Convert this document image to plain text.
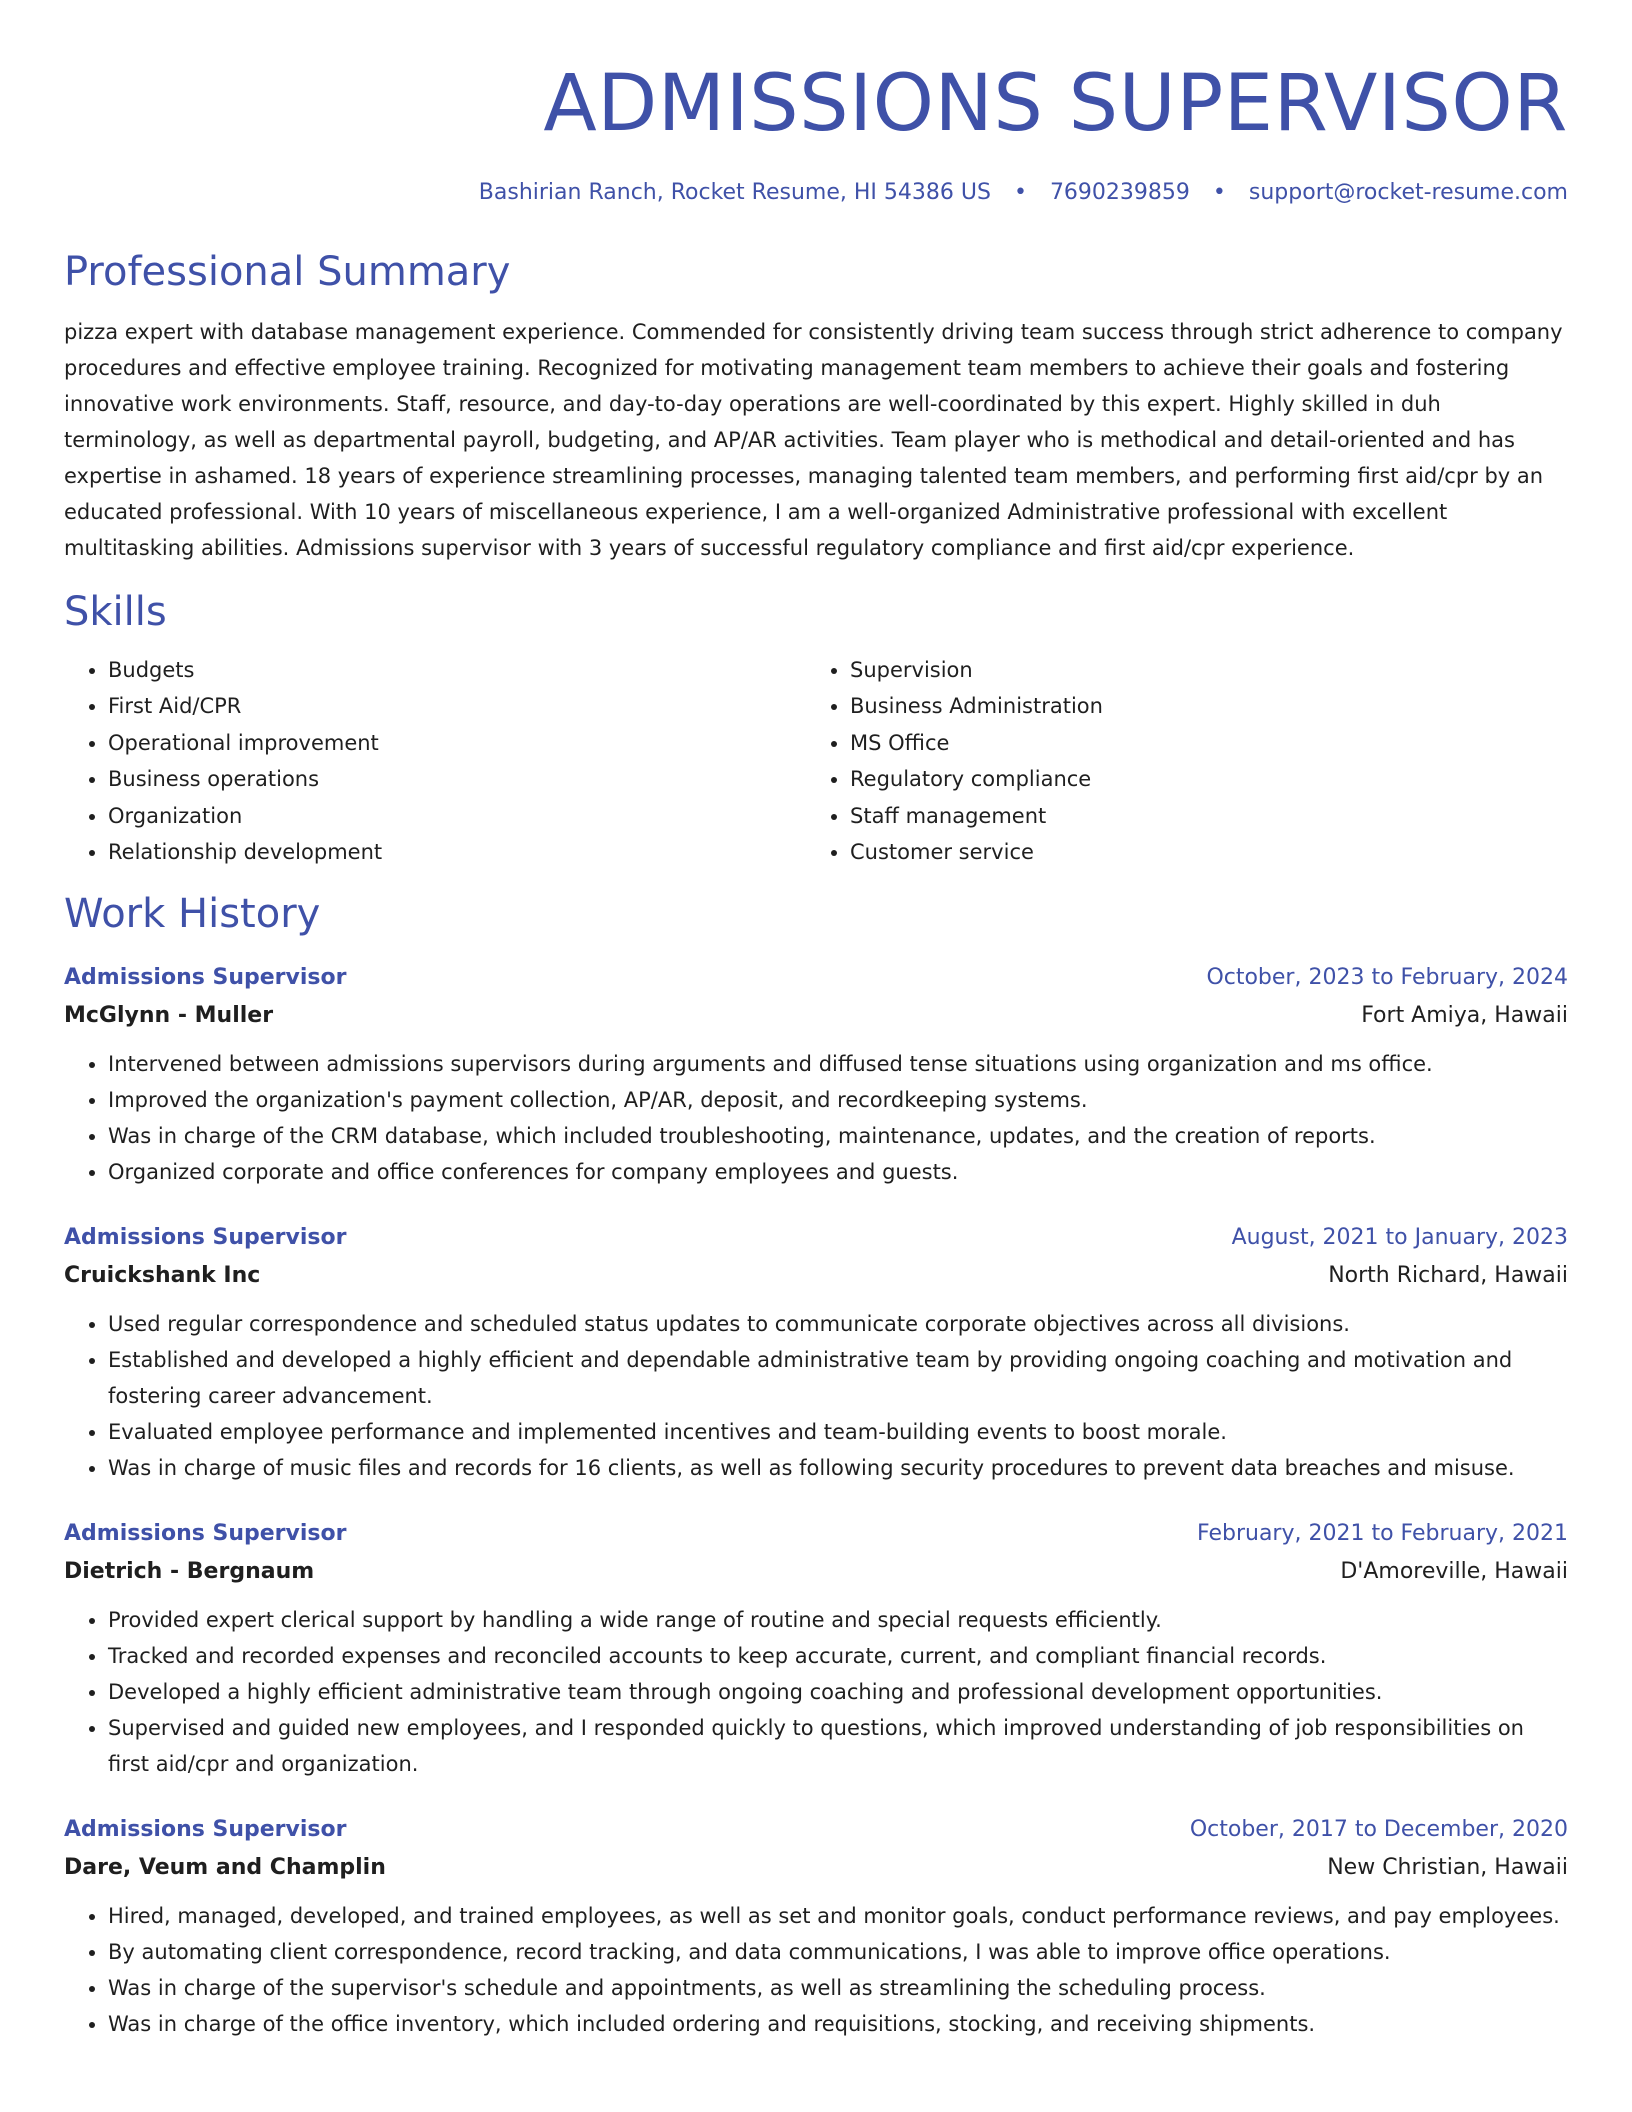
ADMISSIONS SUPERVISOR
Bashirian Ranch, Rocket Resume, HI 54386 US • 7690239859 • support@rocket-resume.com
Professional Summary
pizza expert with database management experience. Commended for consistently driving team success through strict adherence to company procedures and effective employee training. Recognized for motivating management team members to achieve their goals and fostering innovative work environments. Staff, resource, and day-to-day operations are well-coordinated by this expert. Highly skilled in duh terminology, as well as departmental payroll, budgeting, and AP/AR activities. Team player who is methodical and detail-oriented and has expertise in ashamed. 18 years of experience streamlining processes, managing talented team members, and performing first aid/cpr by an educated professional. With 10 years of miscellaneous experience, I am a well-organized Administrative professional with excellent multitasking abilities. Admissions supervisor with 3 years of successful regulatory compliance and first aid/cpr experience.
Skills
• Budgets
• First Aid/CPR
• Operational improvement
• Business operations
• Organization
• Relationship development
• Supervision
• Business Administration
• MS Office
• Regulatory compliance
• Staff management
• Customer service
Work History
Admissions Supervisor	October, 2023 to February, 2024
McGlynn - Muller	Fort Amiya, Hawaii
• Intervened between admissions supervisors during arguments and diffused tense situations using organization and ms office.
• Improved the organization's payment collection, AP/AR, deposit, and recordkeeping systems.
• Was in charge of the CRM database, which included troubleshooting, maintenance, updates, and the creation of reports.
• Organized corporate and office conferences for company employees and guests.
Admissions Supervisor	August, 2021 to January, 2023
Cruickshank Inc	North Richard, Hawaii
• Used regular correspondence and scheduled status updates to communicate corporate objectives across all divisions.
• Established and developed a highly efficient and dependable administrative team by providing ongoing coaching and motivation and fostering career advancement.
• Evaluated employee performance and implemented incentives and team-building events to boost morale.
• Was in charge of music files and records for 16 clients, as well as following security procedures to prevent data breaches and misuse.
Admissions Supervisor	February, 2021 to February, 2021
Dietrich - Bergnaum	D'Amoreville, Hawaii
• Provided expert clerical support by handling a wide range of routine and special requests efficiently.
• Tracked and recorded expenses and reconciled accounts to keep accurate, current, and compliant financial records.
• Developed a highly efficient administrative team through ongoing coaching and professional development opportunities.
• Supervised and guided new employees, and I responded quickly to questions, which improved understanding of job responsibilities on first aid/cpr and organization.
Admissions Supervisor	October, 2017 to December, 2020
Dare, Veum and Champlin	New Christian, Hawaii
• Hired, managed, developed, and trained employees, as well as set and monitor goals, conduct performance reviews, and pay employees.
• By automating client correspondence, record tracking, and data communications, I was able to improve office operations.
• Was in charge of the supervisor's schedule and appointments, as well as streamlining the scheduling process.
• Was in charge of the office inventory, which included ordering and requisitions, stocking, and receiving shipments.
